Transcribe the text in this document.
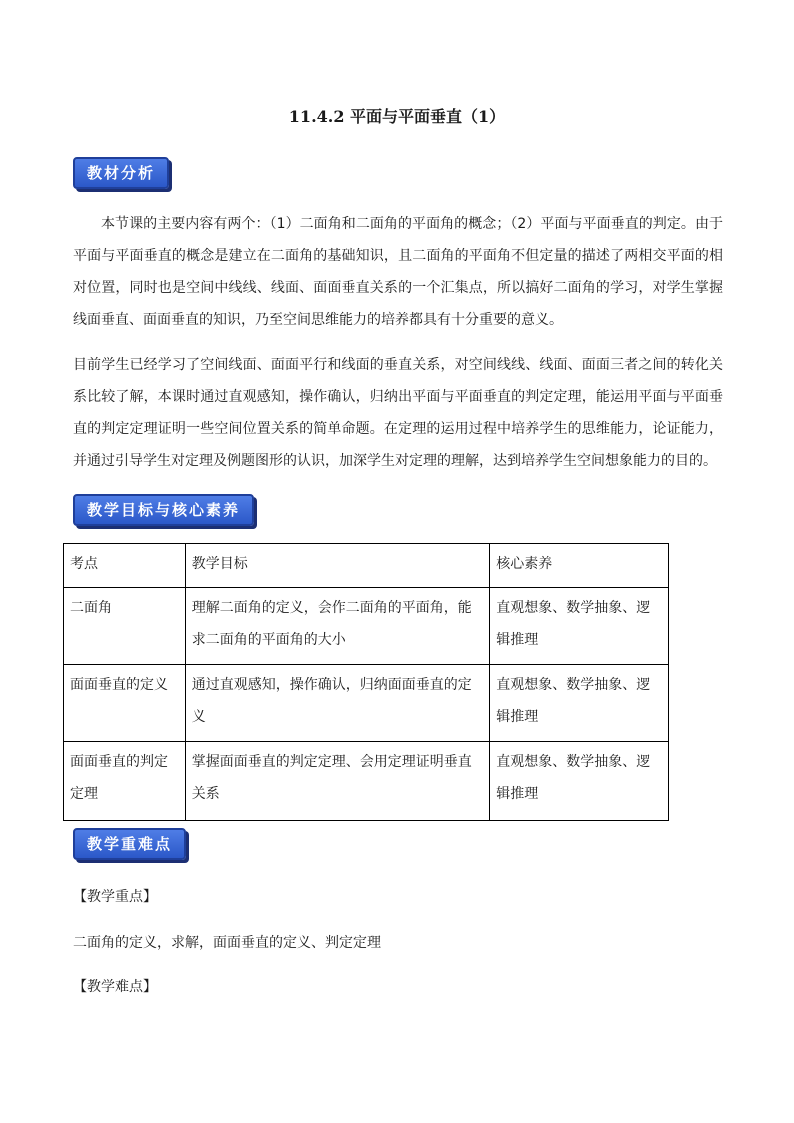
11.4.2 平面与平面垂直（1）
教材分析

本节课的主要内容有两个：（1）二面角和二面角的平面角的概念；（2）平面与平面垂直的判定。由于平面与平面垂直的概念是建立在二面角的基础知识，且二面角的平面角不但定量的描述了两相交平面的相对位置，同时也是空间中线线、线面、面面垂直关系的一个汇集点，所以搞好二面角的学习，对学生掌握线面垂直、面面垂直的知识，乃至空间思维能力的培养都具有十分重要的意义。

目前学生已经学习了空间线面、面面平行和线面的垂直关系，对空间线线、线面、面面三者之间的转化关系比较了解，本课时通过直观感知，操作确认，归纳出平面与平面垂直的判定定理，能运用平面与平面垂直的判定定理证明一些空间位置关系的简单命题。在定理的运用过程中培养学生的思维能力，论证能力，并通过引导学生对定理及例题图形的认识，加深学生对定理的理解，达到培养学生空间想象能力的目的。

教学目标与核心素养
考点	教学目标	核心素养
二面角	理解二面角的定义，会作二面角的平面角，能求二面角的平面角的大小	直观想象、数学抽象、逻辑推理
面面垂直的定义	通过直观感知，操作确认，归纳面面垂直的定义	直观想象、数学抽象、逻辑推理
面面垂直的判定定理	掌握面面垂直的判定定理、会用定理证明垂直关系	直观想象、数学抽象、逻辑推理
教学重难点

【教学重点】

二面角的定义，求解，面面垂直的定义、判定定理

【教学难点】
